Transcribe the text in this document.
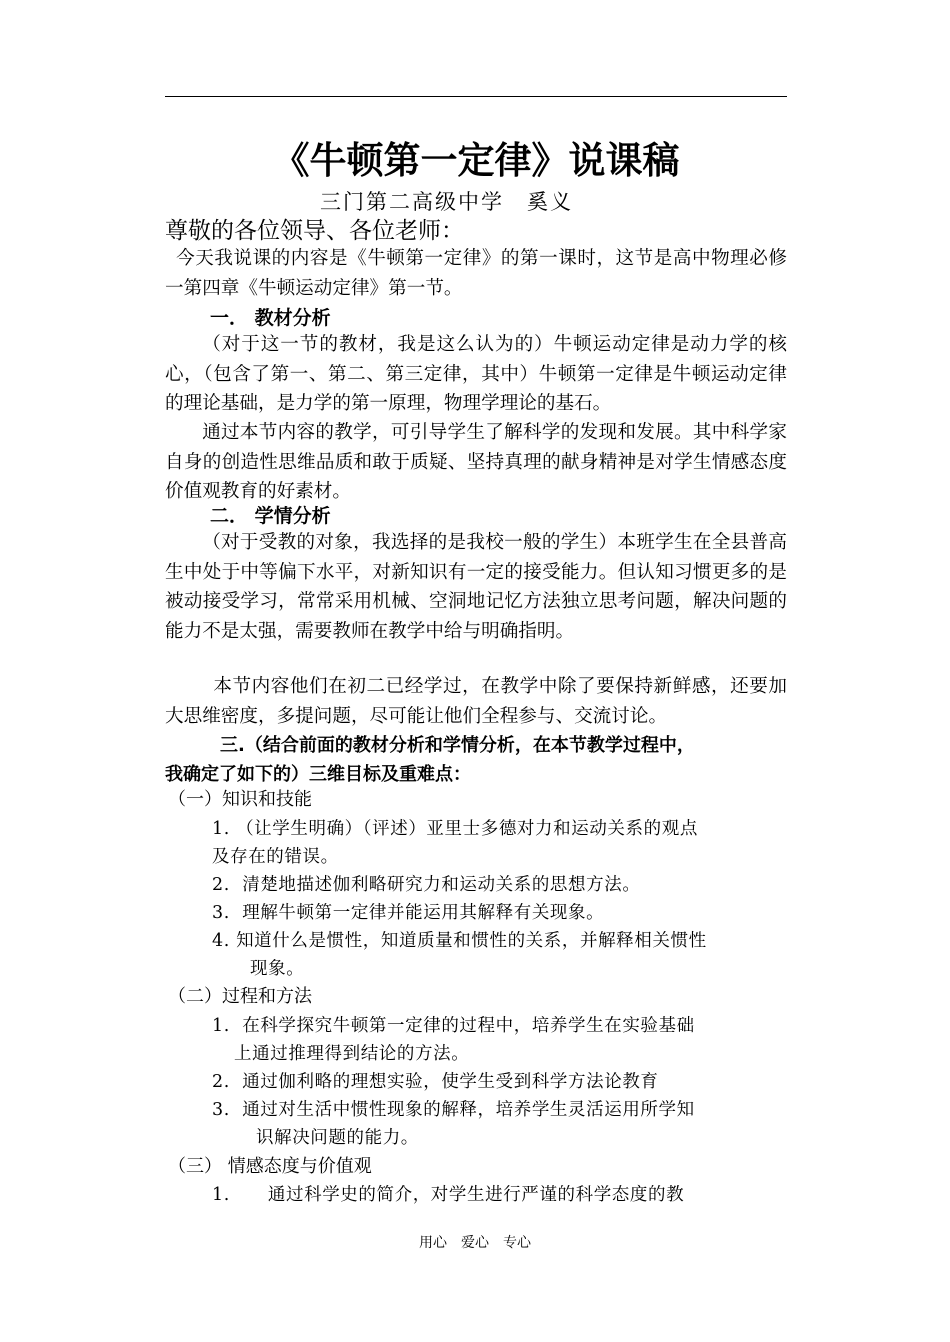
《牛顿第一定律》说课稿
三门第二高级中学　奚义
尊敬的各位领导、各位老师：

今天我说课的内容是《牛顿第一定律》的第一课时，这节是高中物理必修一第四章《牛顿运动定律》第一节。

一． 教材分析

（对于这一节的教材，我是这么认为的）牛顿运动定律是动力学的核心，（包含了第一、第二、第三定律，其中）牛顿第一定律是牛顿运动定律的理论基础，是力学的第一原理，物理学理论的基石。

通过本节内容的教学，可引导学生了解科学的发现和发展。其中科学家自身的创造性思维品质和敢于质疑、坚持真理的献身精神是对学生情感态度价值观教育的好素材。

二． 学情分析

（对于受教的对象，我选择的是我校一般的学生）本班学生在全县普高生中处于中等偏下水平，对新知识有一定的接受能力。但认知习惯更多的是被动接受学习，常常采用机械、空洞地记忆方法独立思考问题，解决问题的能力不是太强，需要教师在教学中给与明确指明。

本节内容他们在初二已经学过，在教学中除了要保持新鲜感，还要加大思维密度，多提问题，尽可能让他们全程参与、交流讨论。

三.（结合前面的教材分析和学情分析，在本节教学过程中，
我确定了如下的）三维目标及重难点：
（一）知识和技能
1. （让学生明确）（评述）亚里士多德对力和运动关系的观点
及存在的错误。
2. 清楚地描述伽利略研究力和运动关系的思想方法。
3. 理解牛顿第一定律并能运用其解释有关现象。
4. 知道什么是惯性，知道质量和惯性的关系，并解释相关惯性
现象。
（二）过程和方法
1. 在科学探究牛顿第一定律的过程中，培养学生在实验基础
上通过推理得到结论的方法。
2. 通过伽利略的理想实验，使学生受到科学方法论教育
3. 通过对生活中惯性现象的解释，培养学生灵活运用所学知
识解决问题的能力。
（三） 情感态度与价值观
1. 通过科学史的简介，对学生进行严谨的科学态度的教
用心　爱心　专心
